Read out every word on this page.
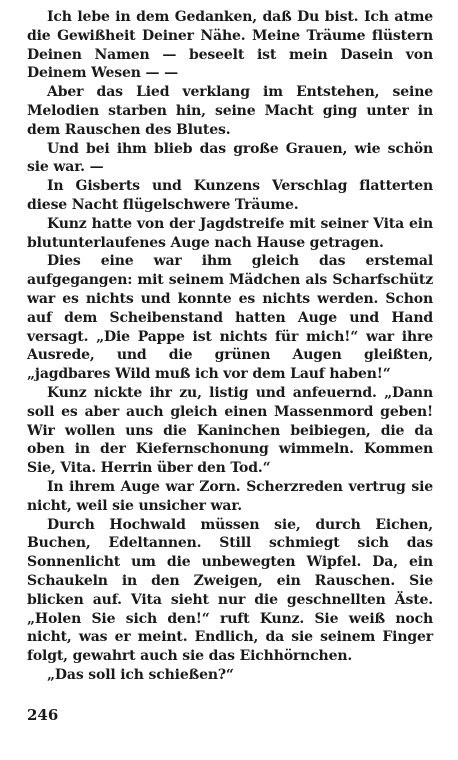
Ich lebe in dem Gedanken, daß Du bist. Ich atme die Gewißheit Deiner Nähe. Meine Träume flüstern Deinen Namen — beseelt ist mein Dasein von Deinem Wesen — —

Aber das Lied verklang im Entstehen, seine Melodien starben hin, seine Macht ging unter in dem Rauschen des Blutes.

Und bei ihm blieb das große Grauen, wie schön sie war. —

In Gisberts und Kunzens Verschlag flatterten diese Nacht flügelschwere Träume.

Kunz hatte von der Jagdstreife mit seiner Vita ein blutunterlaufenes Auge nach Hause getragen.

Dies eine war ihm gleich das erstemal aufgegangen: mit seinem Mädchen als Scharfschütz war es nichts und konnte es nichts werden. Schon auf dem Scheibenstand hatten Auge und Hand versagt. „Die Pappe ist nichts für mich!“ war ihre Ausrede, und die grünen Augen gleißten, „jagdbares Wild muß ich vor dem Lauf haben!“

Kunz nickte ihr zu, listig und anfeuernd. „Dann soll es aber auch gleich einen Massenmord geben! Wir wollen uns die Kaninchen beibiegen, die da oben in der Kiefernschonung wimmeln. Kommen Sie, Vita. Herrin über den Tod.“

In ihrem Auge war Zorn. Scherzreden vertrug sie nicht, weil sie unsicher war.

Durch Hochwald müssen sie, durch Eichen, Buchen, Edeltannen. Still schmiegt sich das Sonnenlicht um die unbewegten Wipfel. Da, ein Schaukeln in den Zweigen, ein Rauschen. Sie blicken auf. Vita sieht nur die geschnellten Äste. „Holen Sie sich den!“ ruft Kunz. Sie weiß noch nicht, was er meint. Endlich, da sie seinem Finger folgt, gewahrt auch sie das Eichhörnchen.

„Das soll ich schießen?“

246
